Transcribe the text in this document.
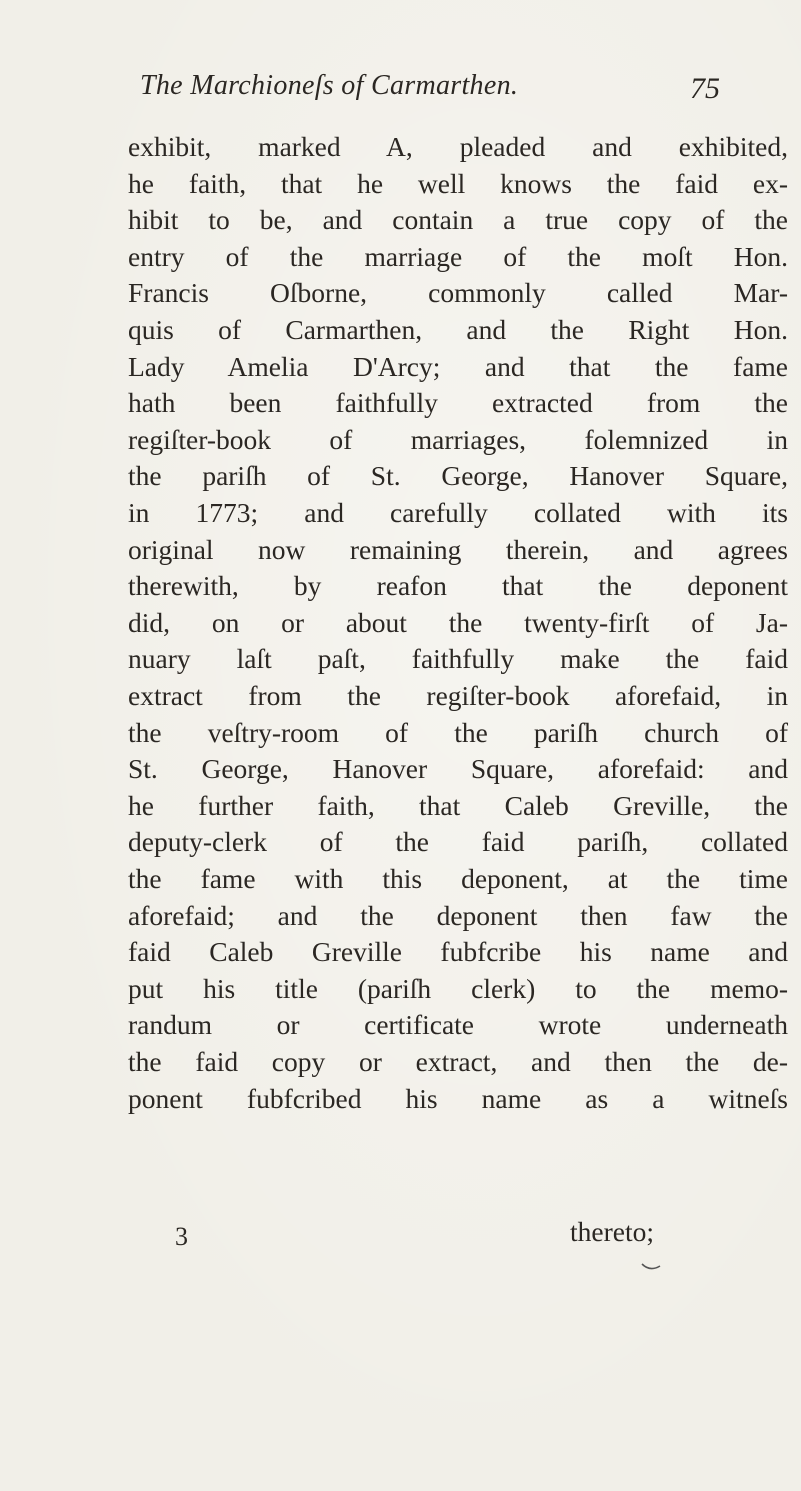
The Marchioneſs of Carmarthen.	75
exhibit, marked A, pleaded and exhibited,
he faith, that he well knows the faid ex-
hibit to be, and contain a true copy of the
entry of the marriage of the moſt Hon.
Francis Oſborne, commonly called Mar-
quis of Carmarthen, and the Right Hon.
Lady Amelia D'Arcy; and that the fame
hath been faithfully extracted from the
regiſter-book of marriages, folemnized in
the pariſh of St. George, Hanover Square,
in 1773; and carefully collated with its
original now remaining therein, and agrees
therewith, by reafon that the deponent
did, on or about the twenty-firſt of Ja-
nuary laſt paſt, faithfully make the faid
extract from the regiſter-book aforefaid, in
the veſtry-room of the pariſh church of
St. George, Hanover Square, aforefaid: and
he further faith, that Caleb Greville, the
deputy-clerk of the faid pariſh, collated
the fame with this deponent, at the time
aforefaid; and the deponent then faw the
faid Caleb Greville fubfcribe his name and
put his title (pariſh clerk) to the memo-
randum or certificate wrote underneath
the faid copy or extract, and then the de-
ponent fubfcribed his name as a witneſs
3	thereto;
